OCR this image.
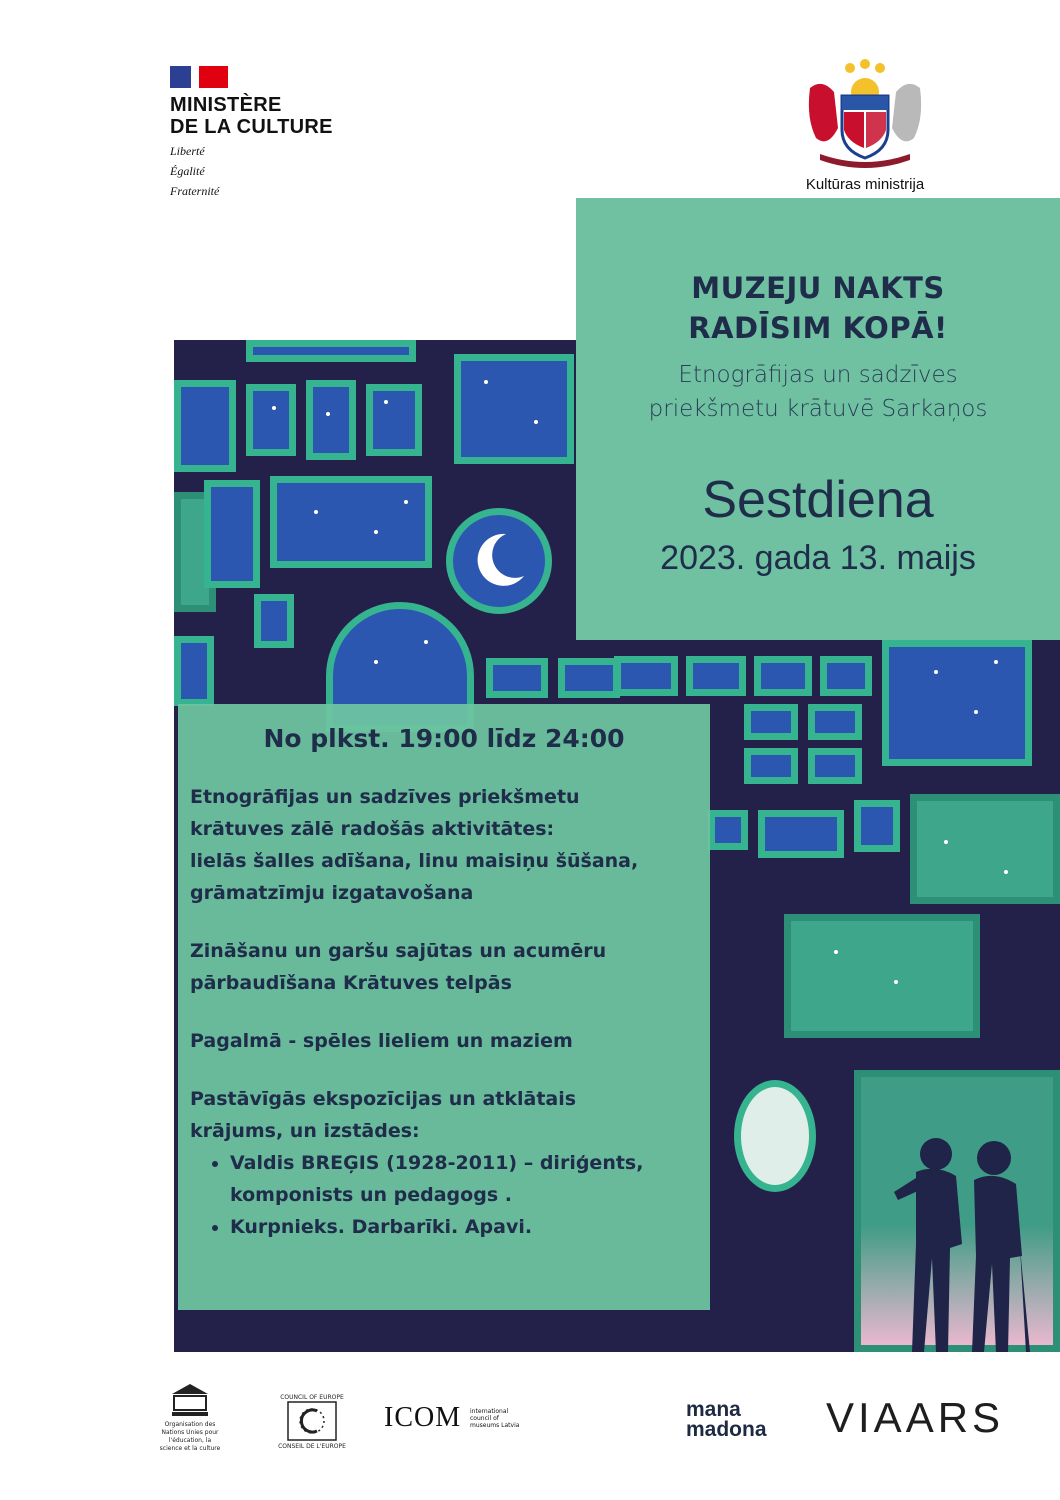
MINISTÈRE
DE LA CULTURE
Liberté
Égalité
Fraternité	Kultūras ministrija
MUZEJU NAKTS
RADĪSIM KOPĀ!
Etnogrāfijas un sadzīves
priekšmetu krātuvē Sarkaņos
Sestdiena
2023. gada 13. maijs
No plkst. 19:00 līdz 24:00
Etnogrāfijas un sadzīves priekšmetu
krātuves zālē radošās aktivitātes:
lielās šalles adīšana, linu maisiņu šūšana,
grāmatzīmju izgatavošana
Zināšanu un garšu sajūtas un acumēru
pārbaudīšana Krātuves telpās
Pagalmā - spēles lieliem un maziem
Pastāvīgās ekspozīcijas un atklātais
krājums, un izstādes:
• Valdis BREĢIS (1928-2011) – diriģents,
komponists un pedagogs .
• Kurpnieks. Darbarīki. Apavi.
Organisation des Nations Unies pour l'éducation, la science et la culture
COUNCIL OF EUROPE
CONSEIL DE L'EUROPE
ICOM international council of museums Latvia
mana
madona VIAARS
